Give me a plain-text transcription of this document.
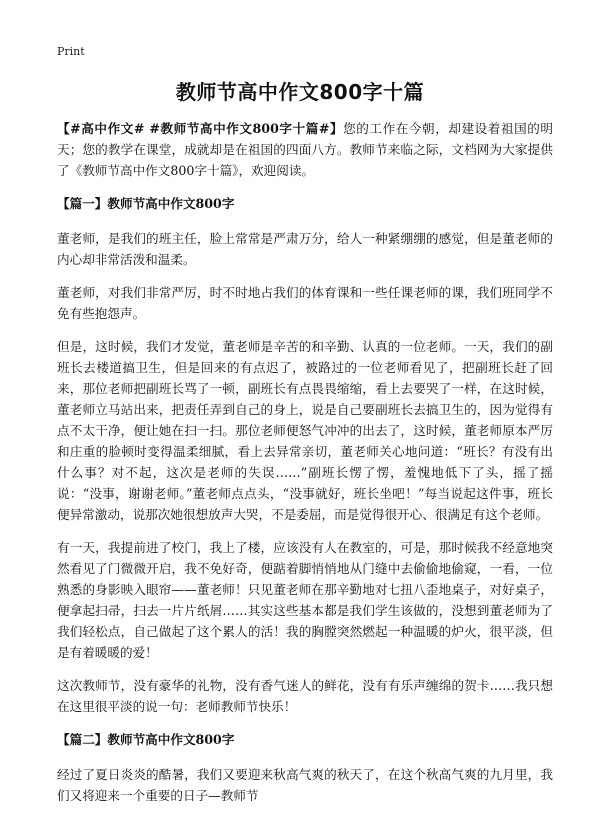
Print
教师节高中作文800字十篇

【#高中作文# #教师节高中作文800字十篇#】您的工作在今朝，却建设着祖国的明天；您的教学在课堂，成就却是在祖国的四面八方。教师节来临之际，文档网为大家提供了《教师节高中作文800字十篇》，欢迎阅读。

【篇一】教师节高中作文800字

董老师，是我们的班主任，脸上常常是严肃万分，给人一种紧绷绷的感觉，但是董老师的内心却非常活泼和温柔。

董老师，对我们非常严厉，时不时地占我们的体育课和一些任课老师的课，我们班同学不免有些抱怨声。

但是，这时候，我们才发觉，董老师是辛苦的和辛勤、认真的一位老师。一天，我们的副班长去楼道搞卫生，但是回来的有点迟了，被路过的一位老师看见了，把副班长赶了回来，那位老师把副班长骂了一顿，副班长有点畏畏缩缩，看上去要哭了一样，在这时候，董老师立马站出来，把责任弄到自己的身上，说是自己要副班长去搞卫生的，因为觉得有点不太干净，便让她在扫一扫。那位老师便怒气冲冲的出去了，这时候，董老师原本严厉和庄重的脸顿时变得温柔细腻，看上去异常亲切，董老师关心地问道：“班长？有没有出什么事？对不起，这次是老师的失误……”副班长愣了愣，羞愧地低下了头，摇了摇说：“没事，谢谢老师。”董老师点点头，“没事就好，班长坐吧！”每当说起这件事，班长便异常激动，说那次她很想放声大哭，不是委屈，而是觉得很开心、很满足有这个老师。

有一天，我提前进了校门，我上了楼，应该没有人在教室的，可是，那时候我不经意地突然看见了门微微开启，我不免好奇，便踮着脚悄悄地从门缝中去偷偷地偷窥，一看，一位熟悉的身影映入眼帘——董老师！只见董老师在那辛勤地对七扭八歪地桌子，对好桌子，便拿起扫帚，扫去一片片纸屑……其实这些基本都是我们学生该做的，没想到董老师为了我们轻松点，自己做起了这个累人的活！我的胸膛突然燃起一种温暖的炉火，很平淡，但是有着暖暖的爱！

这次教师节，没有豪华的礼物，没有香气迷人的鲜花，没有有乐声缠绵的贺卡……我只想在这里很平淡的说一句：老师教师节快乐！

【篇二】教师节高中作文800字

经过了夏日炎炎的酷暑，我们又要迎来秋高气爽的秋天了，在这个秋高气爽的九月里，我们又将迎来一个重要的日子—教师节
